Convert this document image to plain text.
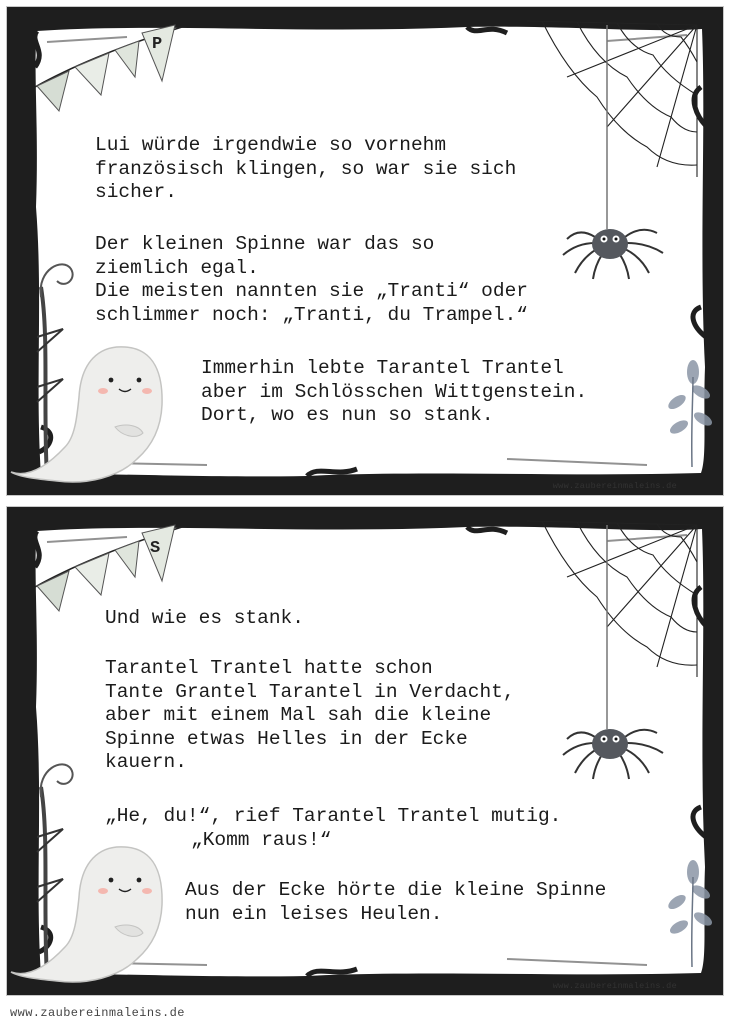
P

Lui würde irgendwie so vornehm
französisch klingen, so war sie sich
sicher.

Der kleinen Spinne war das so
ziemlich egal.
Die meisten nannten sie „Tranti“ oder
schlimmer noch: „Tranti, du Trampel.“

Immerhin lebte Tarantel Trantel
aber im Schlösschen Wittgenstein.
Dort, wo es nun so stank.

www.zaubereinmaleins.de
S

Und wie es stank.

Tarantel Trantel hatte schon
Tante Grantel Tarantel in Verdacht,
aber mit einem Mal sah die kleine
Spinne etwas Helles in der Ecke
kauern.

„He, du!“, rief Tarantel Trantel mutig.

„Komm raus!“

Aus der Ecke hörte die kleine Spinne
nun ein leises Heulen.

www.zaubereinmaleins.de
www.zaubereinmaleins.de
